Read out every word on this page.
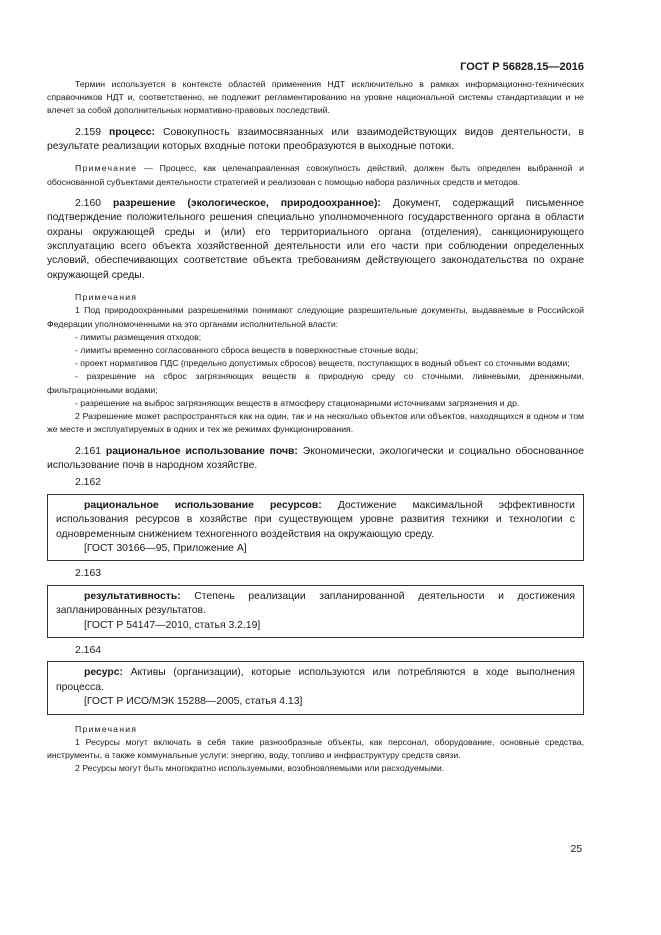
ГОСТ Р 56828.15—2016

Термин используется в контексте областей применения НДТ исключительно в рамках информационно-технических справочников НДТ и, соответственно, не подлежит регламентированию на уровне национальной системы стандартизации и не влечет за собой дополнительных нормативно-правовых последствий.

2.159 процесс: Совокупность взаимосвязанных или взаимодействующих видов деятельности, в результате реализации которых входные потоки преобразуются в выходные потоки.

Примечание — Процесс, как целенаправленная совокупность действий, должен быть определен выбранной и обоснованной субъектами деятельности стратегией и реализован с помощью набора различных средств и методов.

2.160 разрешение (экологическое, природоохранное): Документ, содержащий письменное подтверждение положительного решения специально уполномоченного государственного органа в области охраны окружающей среды и (или) его территориального органа (отделения), санкционирующего эксплуатацию всего объекта хозяйственной деятельности или его части при соблюдении определенных условий, обеспечивающих соответствие объекта требованиям действующего законодательства по охране окружающей среды.

Примечания

1 Под природоохранными разрешениями понимают следующие разрешительные документы, выдаваемые в Российской Федерации уполномоченными на это органами исполнительной власти:

- лимиты размещения отходов;

- лимиты временно согласованного сброса веществ в поверхностные сточные воды;

- проект нормативов ПДС (предельно допустимых сбросов) веществ, поступающих в водный объект со сточными водами;

- разрешение на сброс загрязняющих веществ в природную среду со сточными, ливневыми, дренажными, фильтрационными водами;

- разрешение на выброс загрязняющих веществ в атмосферу стационарными источниками загрязнения и др.

2 Разрешение может распространяться как на один, так и на несколько объектов или объектов, находящихся в одном и том же месте и эксплуатируемых в одних и тех же режимах функционирования.

2.161 рациональное использование почв: Экономически, экологически и социально обоснованное использование почв в народном хозяйстве.

2.162

рациональное использование ресурсов: Достижение максимальной эффективности использования ресурсов в хозяйстве при существующем уровне развития техники и технологии с одновременным снижением техногенного воздействия на окружающую среду.

[ГОСТ 30166—95, Приложение А]

2.163

результативность: Степень реализации запланированной деятельности и достижения запланированных результатов.

[ГОСТ Р 54147—2010, статья 3.2.19]

2.164

ресурс: Активы (организации), которые используются или потребляются в ходе выполнения процесса.

[ГОСТ Р ИСО/МЭК 15288—2005, статья 4.13]

Примечания

1 Ресурсы могут включать в себя такие разнообразные объекты, как персонал, оборудование, основные средства, инструменты, а также коммунальные услуги: энергию, воду, топливо и инфраструктуру средств связи.

2 Ресурсы могут быть многократно используемыми, возобновляемыми или расходуемыми.

25
